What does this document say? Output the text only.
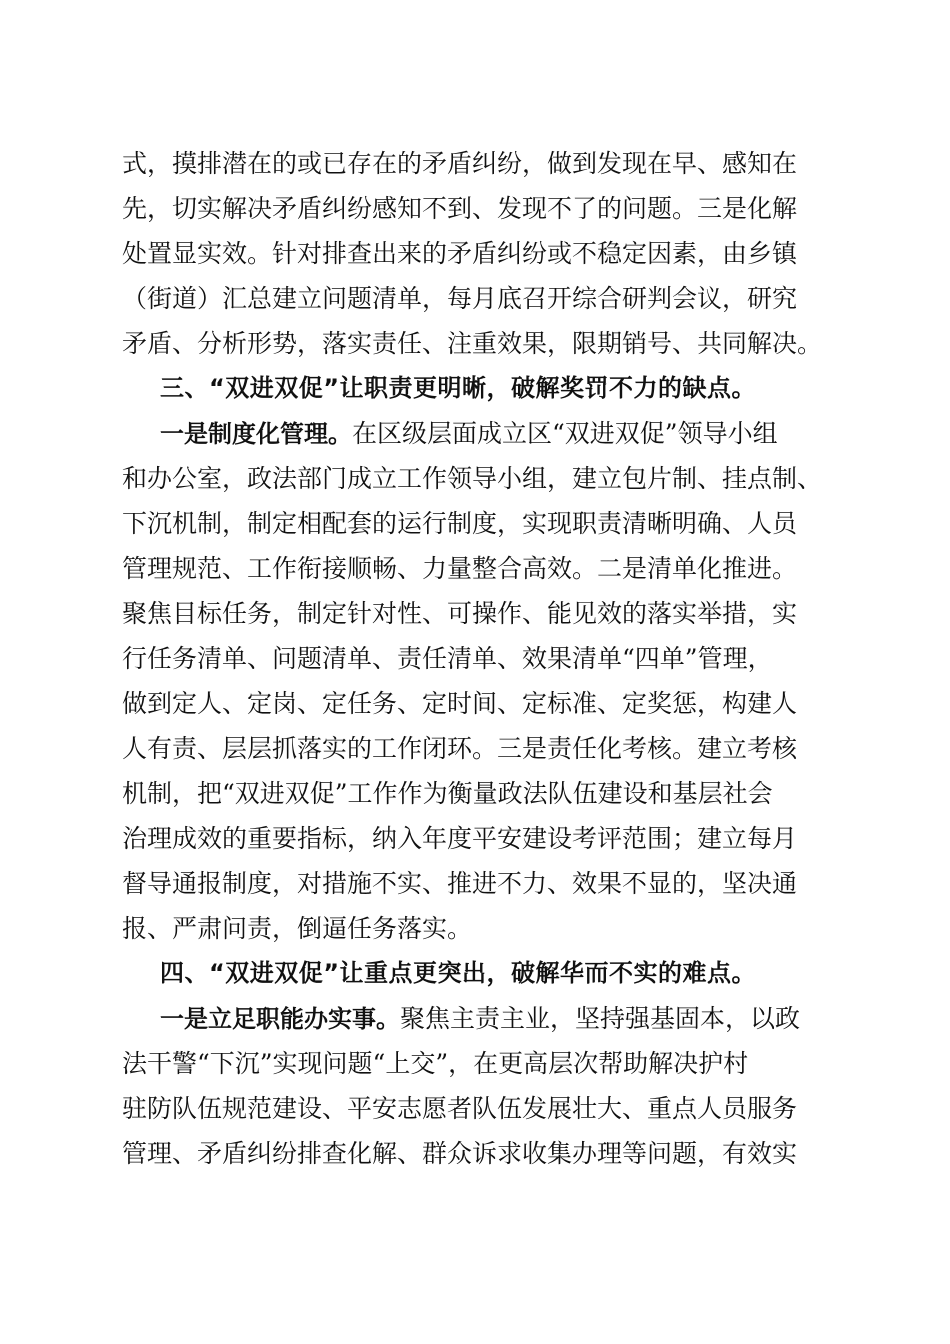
式，摸排潜在的或已存在的矛盾纠纷，做到发现在早、感知在
先，切实解决矛盾纠纷感知不到、发现不了的问题。三是化解
处置显实效。针对排查出来的矛盾纠纷或不稳定因素，由乡镇
（街道）汇总建立问题清单，每月底召开综合研判会议，研究
矛盾、分析形势，落实责任、注重效果，限期销号、共同解决。
三、“双进双促”让职责更明晰，破解奖罚不力的缺点。
一是制度化管理。在区级层面成立区“双进双促”领导小组
和办公室，政法部门成立工作领导小组，建立包片制、挂点制、
下沉机制，制定相配套的运行制度，实现职责清晰明确、人员
管理规范、工作衔接顺畅、力量整合高效。二是清单化推进。
聚焦目标任务，制定针对性、可操作、能见效的落实举措，实
行任务清单、问题清单、责任清单、效果清单“四单”管理，
做到定人、定岗、定任务、定时间、定标准、定奖惩，构建人
人有责、层层抓落实的工作闭环。三是责任化考核。建立考核
机制，把“双进双促”工作作为衡量政法队伍建设和基层社会
治理成效的重要指标，纳入年度平安建设考评范围；建立每月
督导通报制度，对措施不实、推进不力、效果不显的，坚决通
报、严肃问责，倒逼任务落实。
四、“双进双促”让重点更突出，破解华而不实的难点。
一是立足职能办实事。聚焦主责主业，坚持强基固本，以政
法干警“下沉”实现问题“上交”，在更高层次帮助解决护村
驻防队伍规范建设、平安志愿者队伍发展壮大、重点人员服务
管理、矛盾纠纷排查化解、群众诉求收集办理等问题，有效实
